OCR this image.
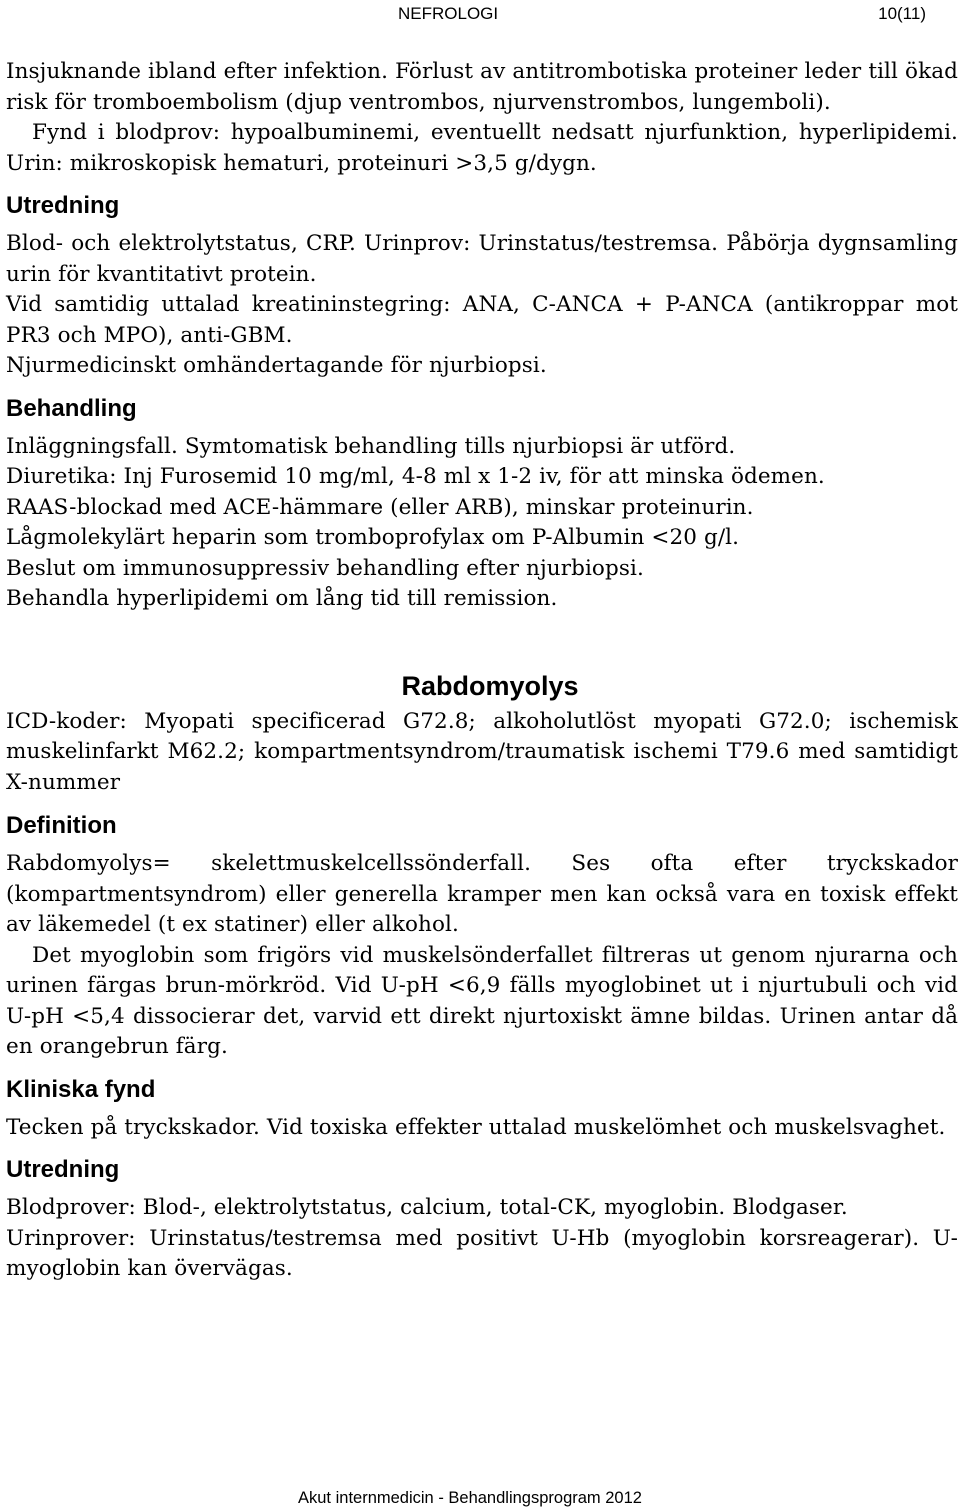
NEFROLOGI	10(11)

Insjuknande ibland efter infektion. Förlust av antitrombotiska proteiner leder till ökad risk för tromboembolism (djup ventrombos, njurvenstrombos, lungemboli).

Fynd i blodprov: hypoalbuminemi, eventuellt nedsatt njurfunktion, hyperlipidemi. Urin: mikroskopisk hematuri, proteinuri >3,5 g/dygn.

Utredning

Blod- och elektrolytstatus, CRP. Urinprov: Urinstatus/testremsa. Påbörja dygnsamling urin för kvantitativt protein.

Vid samtidig uttalad kreatininstegring: ANA, C-ANCA + P-ANCA (antikroppar mot PR3 och MPO), anti-GBM.

Njurmedicinskt omhändertagande för njurbiopsi.

Behandling

Inläggningsfall. Symtomatisk behandling tills njurbiopsi är utförd.

Diuretika: Inj Furosemid 10 mg/ml, 4-8 ml x 1-2 iv, för att minska ödemen.

RAAS-blockad med ACE-hämmare (eller ARB), minskar proteinurin.

Lågmolekylärt heparin som tromboprofylax om P-Albumin <20 g/l.

Beslut om immunosuppressiv behandling efter njurbiopsi.

Behandla hyperlipidemi om lång tid till remission.

Rabdomyolys

ICD-koder: Myopati specificerad G72.8; alkoholutlöst myopati G72.0; ischemisk muskelinfarkt M62.2; kompartmentsyndrom/traumatisk ischemi T79.6 med samtidigt X-nummer

Definition

Rabdomyolys= skelettmuskelcellssönderfall. Ses ofta efter tryckskador (kompartmentsyndrom) eller generella kramper men kan också vara en toxisk effekt av läkemedel (t ex statiner) eller alkohol.

Det myoglobin som frigörs vid muskelsönderfallet filtreras ut genom njurarna och urinen färgas brun-mörkröd. Vid U-pH <6,9 fälls myoglobinet ut i njurtubuli och vid U-pH <5,4 dissocierar det, varvid ett direkt njurtoxiskt ämne bildas. Urinen antar då en orangebrun färg.

Kliniska fynd

Tecken på tryckskador. Vid toxiska effekter uttalad muskelömhet och muskelsvaghet.

Utredning

Blodprover: Blod-, elektrolytstatus, calcium, total-CK, myoglobin. Blodgaser.

Urinprover: Urinstatus/testremsa med positivt U-Hb (myoglobin korsreagerar). U-myoglobin kan övervägas.

Akut internmedicin - Behandlingsprogram 2012
